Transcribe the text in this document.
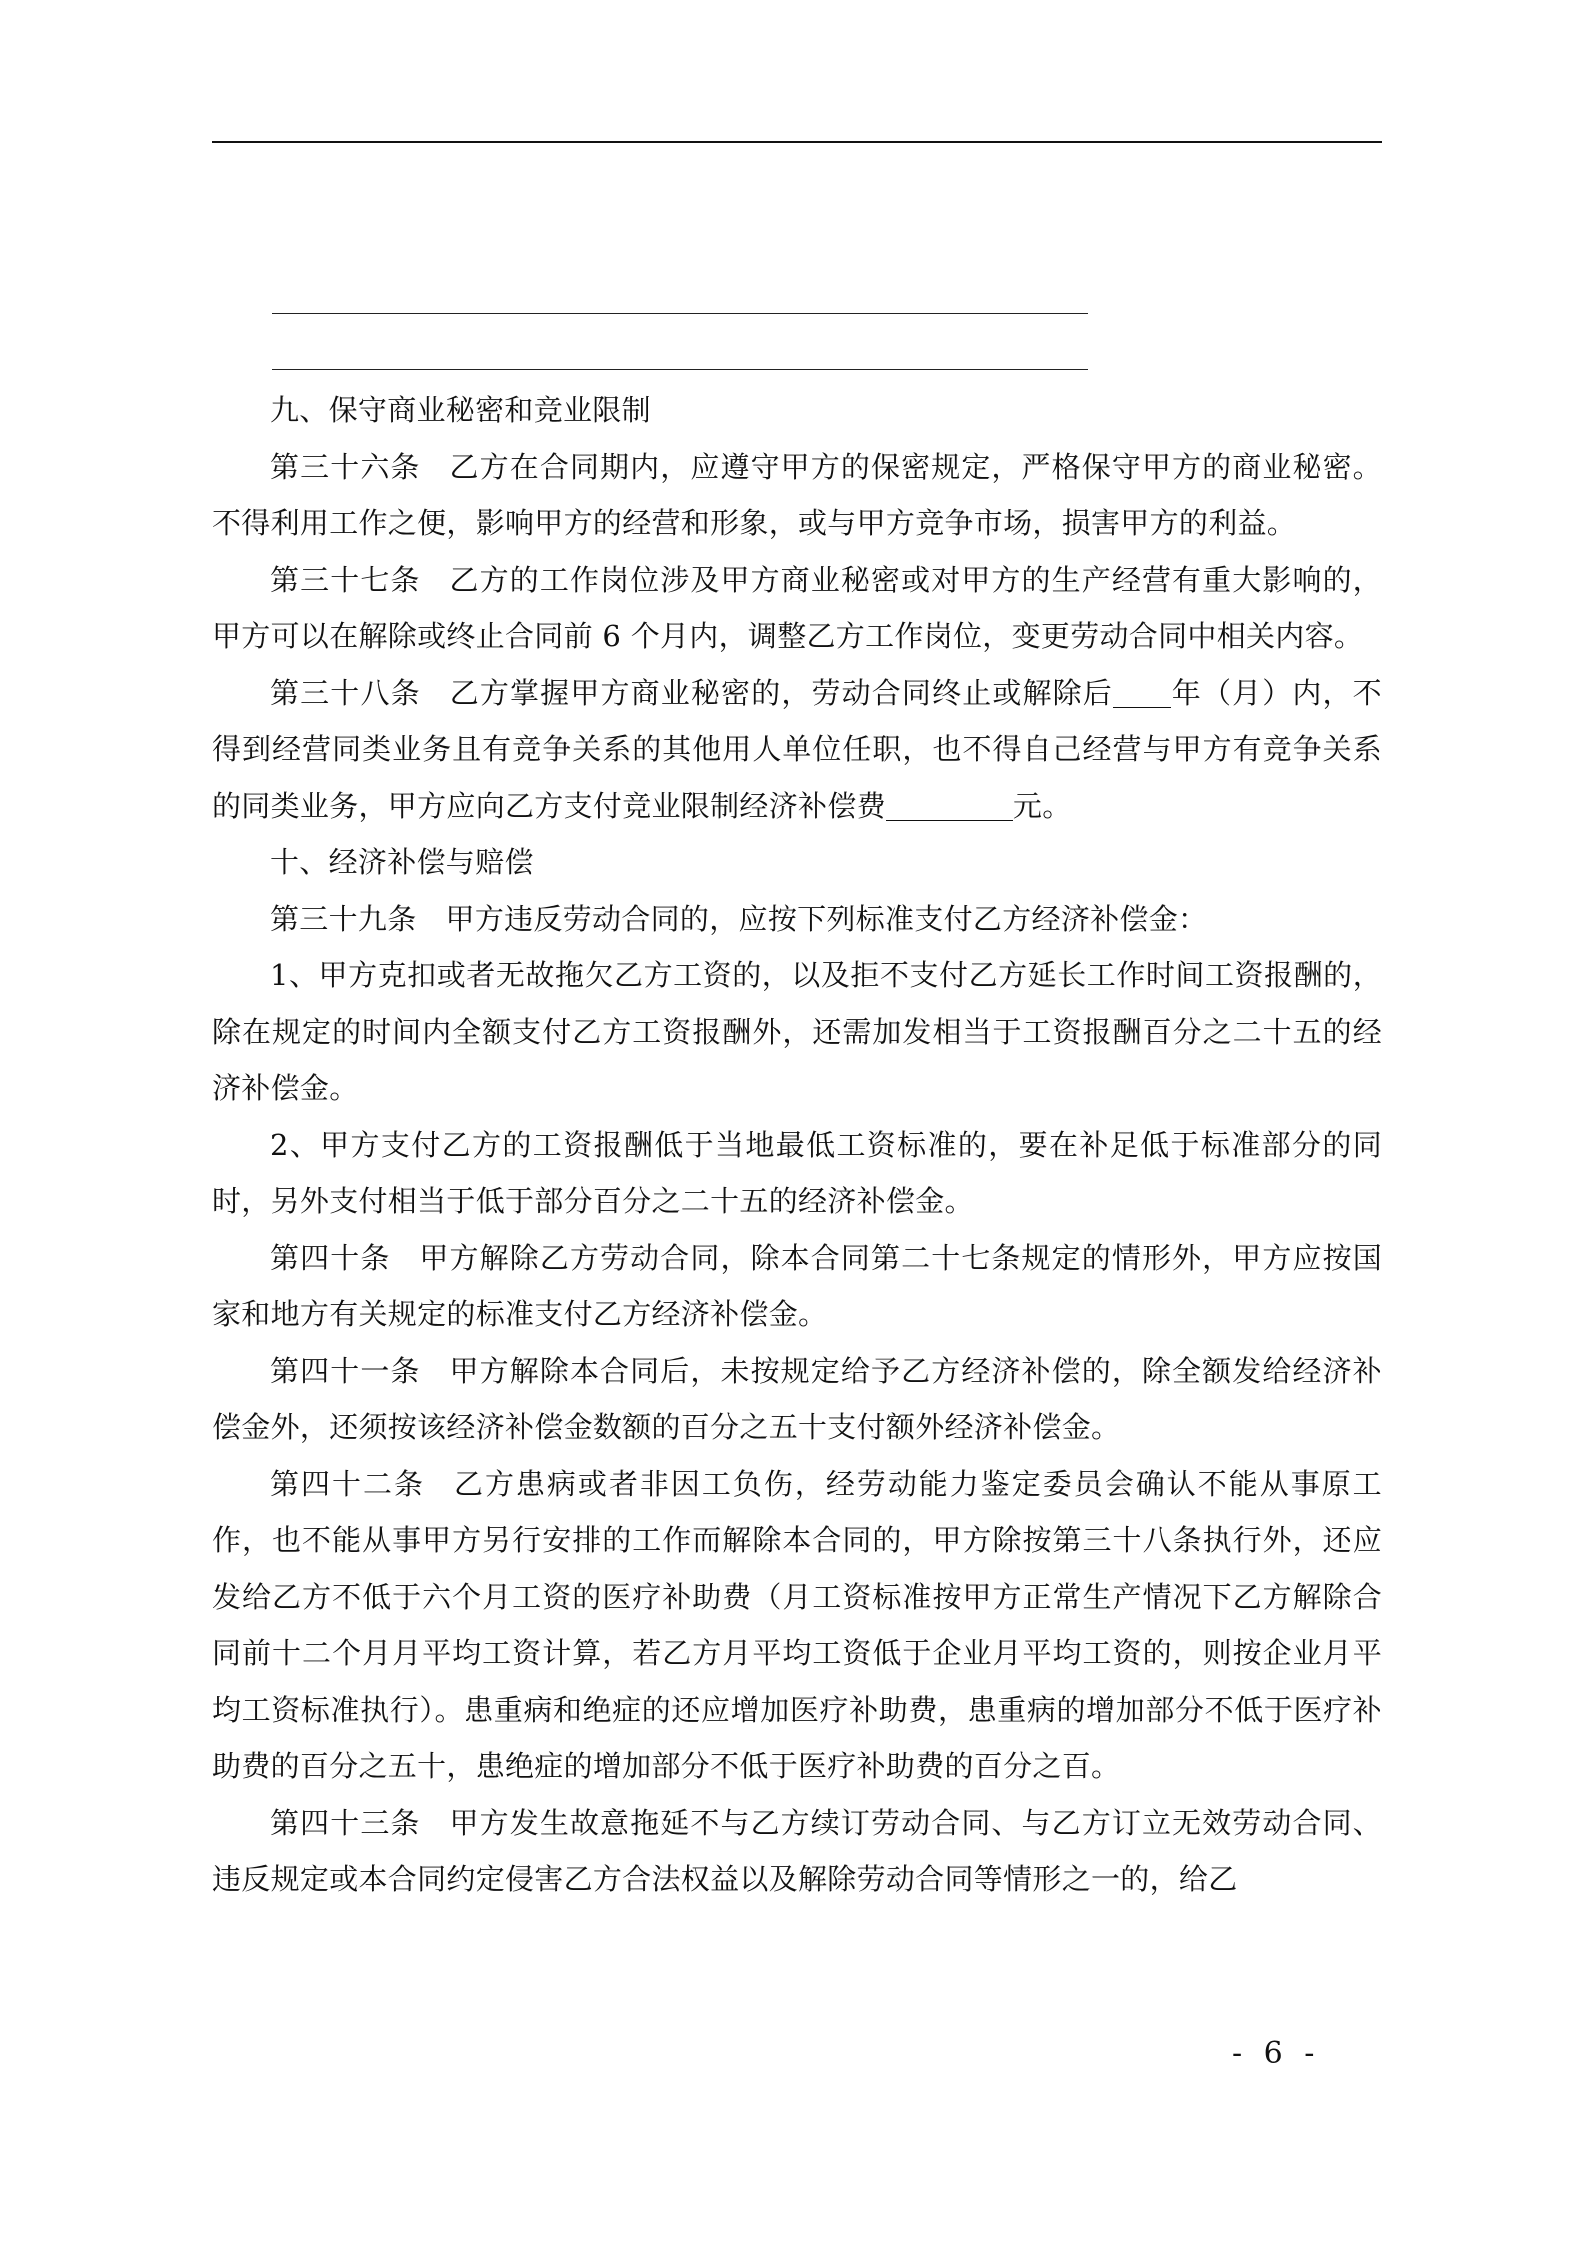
九、保守商业秘密和竞业限制

第三十六条 乙方在合同期内，应遵守甲方的保密规定，严格保守甲方的商业秘密。不得利用工作之便，影响甲方的经营和形象，或与甲方竞争市场，损害甲方的利益。

第三十七条 乙方的工作岗位涉及甲方商业秘密或对甲方的生产经营有重大影响的，甲方可以在解除或终止合同前 6 个月内，调整乙方工作岗位，变更劳动合同中相关内容。

第三十八条 乙方掌握甲方商业秘密的，劳动合同终止或解除后 年（月）内，不得到经营同类业务且有竞争关系的其他用人单位任职，也不得自己经营与甲方有竞争关系的同类业务，甲方应向乙方支付竞业限制经济补偿费	元。

十、经济补偿与赔偿

第三十九条 甲方违反劳动合同的，应按下列标准支付乙方经济补偿金：

1、甲方克扣或者无故拖欠乙方工资的，以及拒不支付乙方延长工作时间工资报酬的，除在规定的时间内全额支付乙方工资报酬外，还需加发相当于工资报酬百分之二十五的经济补偿金。

2、甲方支付乙方的工资报酬低于当地最低工资标准的，要在补足低于标准部分的同时，另外支付相当于低于部分百分之二十五的经济补偿金。

第四十条 甲方解除乙方劳动合同，除本合同第二十七条规定的情形外，甲方应按国家和地方有关规定的标准支付乙方经济补偿金。

第四十一条 甲方解除本合同后，未按规定给予乙方经济补偿的，除全额发给经济补偿金外，还须按该经济补偿金数额的百分之五十支付额外经济补偿金。

第四十二条 乙方患病或者非因工负伤，经劳动能力鉴定委员会确认不能从事原工作，也不能从事甲方另行安排的工作而解除本合同的，甲方除按第三十八条执行外，还应发给乙方不低于六个月工资的医疗补助费（月工资标准按甲方正常生产情况下乙方解除合同前十二个月月平均工资计算，若乙方月平均工资低于企业月平均工资的，则按企业月平均工资标准执行）。患重病和绝症的还应增加医疗补助费，患重病的增加部分不低于医疗补助费的百分之五十，患绝症的增加部分不低于医疗补助费的百分之百。

第四十三条 甲方发生故意拖延不与乙方续订劳动合同、与乙方订立无效劳动合同、违反规定或本合同约定侵害乙方合法权益以及解除劳动合同等情形之一的，给乙

- 6 -
